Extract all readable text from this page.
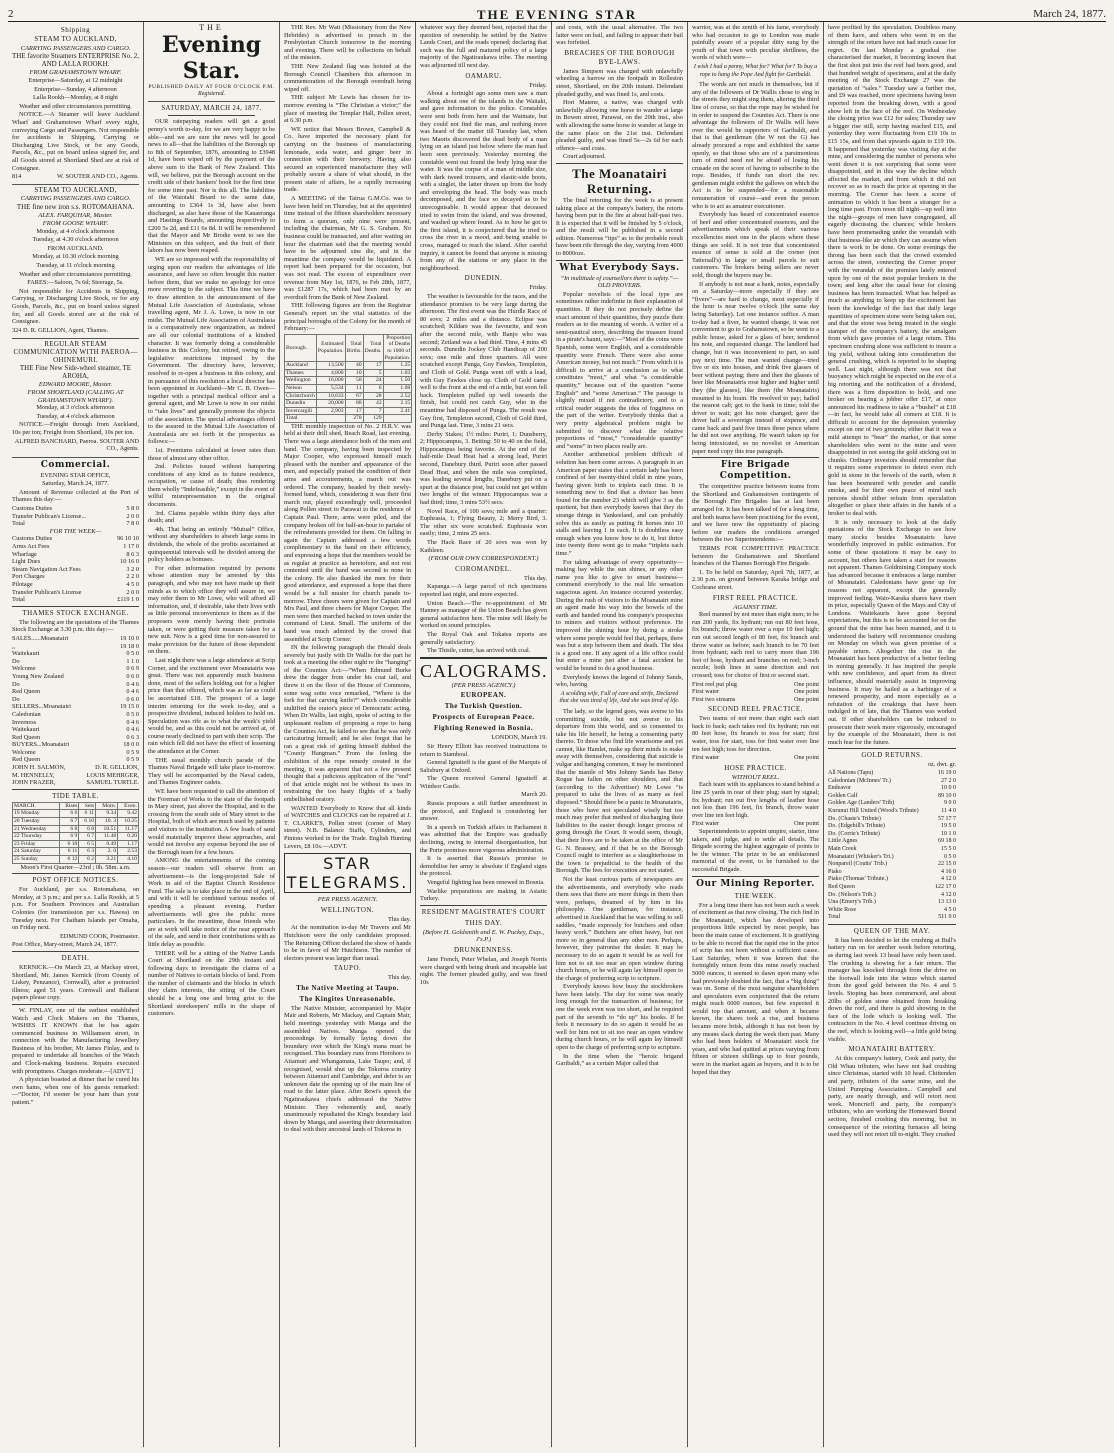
2	THE EVENING STAR	March 24, 1877.
Shipping
STEAM TO AUCKLAND,
CARRYING PASSENGERS AND CARGO.
THE favorite Steamers ENTERPRISE No. 2, AND LALLA ROOKH.
FROM GRAHAMSTOWN WHARF.

Enterprise—Saturday, at 12 midnight

Enterprise—Sunday, 4 afternoon

Lalla Rookh—Monday, at 8 night

Weather and other circumstances permitting.

NOTICE.—A Steamer will leave Auckland Wharf and Grahamstown Wharf every night, conveying Cargo and Passengers. Not responsible for accidents in Shipping, Carrying or Discharging Live Stock, or for any Goods, Parcels, &c., put on board unless signed for, and all Goods stored at Shortland Shed are at risk of Consignee.

814	W. SOUTER AND CO., Agents.
STEAM TO AUCKLAND,
CARRYING PASSENGERS AND CARGO.
THE fine new iron s.s. ROTOMAHANA.
ALEX. FARQUHAR, Master.
FROM GOOSE WHARF.

Monday, at 4 o'clock afternoon

Tuesday, at 4.30 o'clock afternoon

FROM AUCKLAND.

Monday, at 10.30 o'clock morning

Tuesday, at 11 o'clock morning

Weather and other circumstances permitting.

FARES:—Saloon, 7s 6d; Steerage, 5s.

Not responsible for Accidents in Shipping, Carrying, or Discharging Live Stock, or for any Goods, Parcels, &c., put on board unless signed for, and all Goods stored are at the risk of Consignee.

324 D. R. GELLION, Agent, Thames.

REGULAR STEAM COMMUNICATION WITH PAEROA—OHINEMURI.
THE Fine New Side-wheel steamer, TE AROHA,
EDWARD MOORE, Master.
FROM SHORTLAND (CALLING AT GRAHAMSTOWN WHARF).

Monday, at 3 o'clock afternoon

Tuesday, at 4 o'clock afternoon

NOTICE.—Freight through from Auckland, 10s per ton; Freight from Shortland, 10s per ton.

ALFRED BANCHARD, Paeroa. SOUTER AND CO., Agents.

Commercial.

EVENING STAR OFFICE,

Saturday, March 24, 1877.

Amount of Revenue collected at the Port of Thames this day:—

Customs Duties	5 8 0
Transfer Publican's License...	2 0 0
Total	7 8 0
FOR THE WEEK—
Customs Duties	96 10 10
Arms Act Fees	1 17 0
Wharfage	8 6 3
Light Dues	10 16 0
Steam Navigation Act Fees	3 2 0
Port Charges	2 2 0
Pilotage	4 5 0
Transfer Publican's License	2 0 0
Total	£119 1 0
THAMES STOCK EXCHANGE.

The following are the quotations of the Thames Stock Exchange at 3.30 p.m. this day:—

SALES......Moanatairi	19 10 0
,,	19 18 0
Waitekauri	0 5 0
Do	1 1 0
Welcome	0 6 9
Young New Zealand	0 6 0
Do	0 4 6
Red Queen	0 4 6
Do	0 6 0
SELLERS...Moanatairi	19 15 0
Caledonian	0 5 0
Inverness	0 4 6
Waitekauri	0 4 6
Red Queen	0 6 3
BUYERS...Moanatairi	18 0 0
Welcome	0 5 9
Red Queen	0 5 9
JOHN H. SALMON,	D. R. GELLION,
M. HENNELLY,	LOUIS MEHRGER,
JOHN FRAZER,	SAMUEL TURTLE.
TIDE TABLE.
MARCH.	Rises	Sets	Morn.	Even.
19 Monday	6 6	6 11	9.34	9.42
20 Tuesday	6 7	6 10	10. 3	10.25
21 Wednesday	6 8	6 8	10.51	11.17
22 Thursday	6 9	6 7	11.48	0.20
23 Friday	6 10	6 5	0.49	1.17
24 Saturday	6 11	6 3	2. 0	2.53
25 Sunday	6 12	6 2	3.21	4.10

Moon's First Quarter—23rd ; 0h. 58m. a.m.

POST OFFICE NOTICES.

For Auckland, per s.s. Rotomahana, on Monday, at 3 p.m.; and per s.s. Lalla Rookh, at 5 p.m. For Southern Provinces and Australian Colonies (for transmission per s.s. Hawea) on Tuesday next. For Chatham Islands per Omaha, on Friday next.

EDMUND COOK, Postmaster.

Post Office, Mary-street, March 24, 1877.

DEATH.

KERNICK.—On March 23, at Mackay street, Shortland, Mr. James Kernick (from County of Liskey, Penzance), Cornwall), after a protracted illness; aged 51 years. Cornwall and Ballarat papers please copy.

W. FINLAY, one of the earliest established Watch and Clock Makers on the Thames, WISHES IT KNOWN that he has again commenced business in Williamson street, in connection with the Manufacturing Jewellery Business of his brother, Mr James Finlay, and is prepared to undertake all branches of the Watch and Clock-making business. Repairs executed with promptness. Charges moderate.—[ADVT.]

A physician boasted at dinner that he cured his own hams, when one of his guests remarked:—“Doctor, I'd sooner be your ham than your patient.”

THE
Evening Star.
PUBLISHED DAILY AT FOUR O'CLOCK P.M.
Registered.
SATURDAY, MARCH 24, 1877.

OUR ratepaying readers will get a good penny's worth to-day, for we are very happy to be able—and we are sure the news will be good news to all—that the liabilities of the Borough up to 8th of September, 1876, amounting to £3948 1d, have been wiped off by the payment of the above sum to the Bank of New Zealand. This will, we believe, put the Borough account on the credit side of their bankers' book for the first time for some time past. Nor is this all. The liabilities of the Waiotahi Board to the same date, amounting to £364 1s 3d, have also been discharged, as also have those of the Kauaeranga and Hastings Boards, amounting respectively to £200 5s 2d, and £11 6s 8d. It will be remembered that the Mayor and Mr Brodie went to see the Ministers on this subject, and the fruit of their labors has now been reaped.

WE are so impressed with the responsibility of urging upon our readers the advantages of life assurance, and have so often brought this matter before them, that we make no apology for once more reverting to the subject. This time we have to draw attention to the announcement of the Mutual Life Association of Australasia, whose travelling agent, Mr J. A. Lowe, is now in our midst. The Mutual Life Association of Australasia is a comparatively new organization, as indeed are all our colonial institutions of a kindred character. It was formerly doing a considerable business in this Colony, but retired, owing to the legislative restrictions imposed by the Government. The directory have, however, resolved to re-open a business in this colony, and in pursuance of this resolution a local director has been appointed in Auckland—Mr C. B. Owen—together with a principal medical officer and a general agent, and Mr Lowe is now in our midst to “take lives” and generally promote the objects of the association. The special advantages offered to the assured in the Mutual Life Association of Australasia are set forth in the prospectus as follows:—

1st. Premiums calculated at lower rates than those of almost any other office.

2nd. Policies issued without hampering conditions of any kind as to future residence, occupation, or cause of death; thus rendering them wholly “Indefeasible,” except in the event of wilful misrepresentation in the original documents.

3rd. Claims payable within thirty days after death; and

4th. That being an entirely “Mutual” Office, without any shareholders to absorb large sums in dividends, the whole of the profits ascertained at quinquennial intervals will be divided among the policy holders as bonuses.

For other information required by persons whose attention may be arrested by this paragraph, and who may not have made up their minds as to which office they will assure in, we may refer them to Mr Lowe, who will afford all information, and, if desirable, take their lives with as little personal inconvenience to them as if the proposers were merely having their portraits taken, or were getting their measure taken for a new suit. Now is a good time for non-assured to make provision for the future of those dependent on them.

Last night there was a large attendance at Scrip Corner, and the excitement over Moanatairis was great. There was not apparently much business done, most of the sellers holding out for a higher price than that offered, which was as far as could be ascertained £18. The prospect of a large interim returning for the week to-day, and a prospective dividend, induced holders to hold on. Speculation was rife as to what the week's yield would be, and as this could not be arrived at, of course nearly declined to part with their scrip. The rain which fell did not have the effect of lessening the attendance at the Corner.

THE usual monthly church parade of the Thames Naval Brigade will take place to-morrow. They will be accompanied by the Naval cadets, and Thames Engineer cadets.

WE have been requested to call the attention of the Foreman of Works to the state of the footpath in Mary street, just above the Hospital, and to the crossing from the south side of Mary street to the Hospital, both of which are much used by patients and visitors to the institution. A few loads of sand would materially improve these approaches, and would not involve any expense beyond the use of the Borough team for a few hours.

AMONG the entertainments of the coming season—our readers will observe from an advertisement—is the long-projected Sale of Work in aid of the Baptist Church Residence Fund. The sale is to take place in the end of April, and with it will be combined various modes of spending a pleasant evening. Further advertisements will give the public more particulars. In the meantime, those friends who are at work will take notice of the near approach of the sale, and send in their contributions with as little delay as possible.

THERE will be a sitting of the Native Lands Court at Shortland on the 29th instant and following days to investigate the claims of a number of Natives to certain blocks of land. From the number of claimants and the blocks in which they claim interests, the sitting of the Court should be a long one and bring grist to the Shortland storekeepers' mills in the shape of customers.

THE Rev. Mr Watt (Missionary from the New Hebrides) is advertised to preach in the Presbyterian Church tomorrow in the morning and evening. There will be collections on behalf of the mission.

THE New Zealand flag was hoisted at the Borough Council Chambers this afternoon in commemoration of the Borough overdraft being wiped off.

THE subject Mr Lewis has chosen for to-morrow evening is “The Christian a victor;” the place of meeting the Templar Hall, Pollen street, at 6.30 p.m.

WE notice that Messrs Brown, Campbell & Co. have imported the necessary plant for carrying on the business of manufacturing lemonade, soda water, and ginger beer in connection with their brewery. Having also secured an experienced manufacturer they will probably secure a share of what should, in the present state of affairs, be a rapidly increasing trade.

A MEETING of the Tairua G.M.Co. was to have been held on Thursday, but at the appointed time instead of the fifteen shareholders necessary to form a quorum, only nine were present, including the chairman, Mr G. S. Graham. No business could be transacted, and after waiting an hour the chairman said that the meeting would have to be adjourned sine die, and in the meantime the company would be liquidated. A report had been prepared for the occasion, but was not read. The excess of expenditure over revenue from May 1st, 1876, to Feb 28th, 1877, was £1287 17s, which had been met by an overdraft from the Bank of New Zealand.

THE following figures are from the Registrar General's report on the vital statistics of the principal boroughs of the Colony for the month of February:—

Borough.	Estimated Population.	Total Births.	Total Deaths.	Proportion of Deaths to 1000 of Population.
Auckland	13,500	40	17	1.25
Thames	4,800	10	5	1.03
Wellington	16,000	58	24	1.50
Nelson	5,534	11	6	1.08
Christchurch	10,633	67	28	2.52
Dunedin	20,000	88	43	2.15
Invercargill	2,903	17	7	2.41
Total		278	129	

THE monthly inspection of No. 2 H.R.V. was held at their drill shed, Beach Road, last evening. There was a large attendance both of the men and band. The company, having been inspected by Major Cooper, who expressed himself much pleased with the number and appearance of the men, and especially praised the condition of their arms and accoutrements, a march out was ordered. The company, headed by their newly-formed band, which, considering it was their first march out, played exceedingly well, proceeded along Pollen street to Parawai to the residence of Captain Paul. There, arms were piled, and the company broken off for half-an-hour to partake of the refreshments provided for them. On falling in again the Captain addressed a few words complimentary to the band on their efficiency, and expressing a hope that the members would be as regular at practice as heretofore, and not rest contented until the band was second to none in the colony. He also thanked the men for their good attendance, and expressed a hope that there would be a full muster for church parade to-morrow. Three cheers were given for Captain and Mrs Paul, and three cheers for Major Cooper. The men were then marched backed to town under the command of Lieut. Small. The uniform of the band was much admired by the crowd that assembled at Scrip Corner.

IN the following paragraph the Herald deals severely but justly with Dr Wallis for the part he took at a meeting the other night re the “hanging” of the Counties Act:—“When Edmund Burke drew the dagger from under his coat tail, and threw it on the floor of the House of Commons, some wag sotto voce remarked, “Where is the fork for that carving knife?” which considerable stultified the orator's piece of Democratic acting. When Dr Wallis, last night, spoke of acting to the unpleasant realism of proposing a rope to hang the Counties Act, he failed to see that he was only caricaturing himself; and he also forgot that he ran a great risk of getting himself dubbed the “County Hangman.” From the feeling the exhibition of the rope remedy created in the meeting, it was apparent that not a few present thought that a judicious application of the “end” of that article might not be without its uses in restraining the too hasty flights of a badly embellished oratory.

WANTED Everybody to Know that all kinds of WATCHES and CLOCKS can be repaired at J. T. CLARKE'S, Pollen street (corner of Mary street). N.B. Balance Staffs, Cylinders, and Pinions worked in for the Trade. English Hunting Levers, £8 10s.—ADVT.

STAR TELEGRAMS.
PER PRESS AGENCY.
WELLINGTON.

This day.

At the nomination to-day Mr Travers and Mr Hutchison were the only candidates proposed. The Returning Officer declared the show of hands to be in favor of Mr Hutchison. The number of electors present was larger than usual.

TAUPO.

This day.

The Native Meeting at Taupo.
The Kingites Unreasonable.

The Native Minister, accompanied by Major Mair and Roberts, Mr Mackay, and Captain Mair, held meetings yesterday with Manga and the assembled Natives. Manga opened the proceedings by formally laying down the boundary over which the King's mana must be recognised. This boundary runs from Horohoro to Atiamuri and Whangamata, Lake Taupo; and, if recognised, would shut up the Tokoroa country between Atiamuri and Cambridge, and defer to an unknown date the opening up of the main line of road to the latter place. After Rewi's speech the Ngatiraukawa chiefs addressed the Native Minister. They vehemently and, nearly unanimously repudiated the King's boundary laid down by Manga, and asserting their determination to deal with their ancestral lands of Tokoroa in

whatever way they deemed best, rejected that the question of ownership be settled by the Native Lands Court, and the roads opened; declaring that such was the full and matured policy of a large majority of the Ngatiraukawa tribe. The meeting was adjourned till next day.

OAMARU.

Friday.

About a fortnight ago some men saw a man walking about one of the islands in the Waitaki, and gave information to the police. Constables were sent both from here and the Waimate, but they could not find the man, and nothing more was heard of the matter till Tuesday last, when two Maoris discovered the dead body of a man lying on an island just below where the man had been seen previously. Yesterday morning the constable went out found the body lying near the water. It was the corpse of a man of middle size, with dark tweed trousers, and elastic-side boots, with a singlet, the latter drawn up from the body and enveloping the head. The body was much decomposed, and the face so decayed as to be unrecognisable. It would appear that deceased tried to swim from the island, and was drowned, and washed up where found. As to how he got to the first island, it is conjectured that he tried to cross the river in a mood, and being unable to cross, managed to reach the island. After careful inquiry, it cannot be found that anyone is missing from any of the stations or any place in the neighbourhood.

DUNEDIN.

Friday.

The weather is favourable for the races, and the attendance promises to be very large during the afternoon. The first event was the Hurdle Race of 80 sovs; 2 miles and a distance. Eclipse was scratched; Kildare was the favourite, and won after the second mile, with Banjo who was second; Zetland was a bad third. Time, 4 mins 45 seconds. Dunedin Jockey Club Handicap of 200 sovs; one mile and three quarters. All were scratched except Punga, Guy Fawkes, Templeton, and Cloth of Gold. Punga went off with a lead, with Guy Fawkes close up. Cloth of Gold came well to the front at the end of a mile, but soon fell back. Templeton pulled up well towards the finish, but could not catch Guy, who in the meantime had disposed of Punga. The result was Guy first, Templeton second, Cloth of Gold third, and Punga last. Time, 3 mins 21 secs.

Derby Stakes; 1½ miles: Puriri, 1; Dunsberry, 2; Hippocampus, 3. Betting: 50 to 40 on the field, Hippocampus being favorite. At the end of the half-mile Dead Heat had a strong lead, Puriri second, Danebury third. Puriri soon after passed Dead Heat, and when the mile was completed, was leading several lengths, Danebury put on a spurt at the distance post, but could not get within two lengths of the winner. Hippocampus was a bad third; time, 3 mins 53½ secs.

Novel Race, of 100 sovs; mile and a quarter: Euphrasia, 1; Flying Beauty, 2; Merry Bird, 3. The other six were scratched. Euphrasia won easily; time, 2 mins 25 secs.

The Hack Race of 20 sovs was won by Kathleen.

(FROM OUR OWN CORRESPONDENT.)
COROMANDEL.

This day.

Kapanga.—A large parcel of rich specimens reported last night, and more expected.

Union Beach.—The re-appointment of Mr Hanney as manager of the Union Beach has given general satisfaction here. The mine will likely be worked on sound principles.

The Royal Oak and Tokatea reports are generally satisfactory.

The Thistle, cutter, has arrived with coal.

CALOGRAMS.
(PER PRESS AGENCY.)
EUROPEAN.
The Turkish Question.
Prospects of European Peace.
Fighting Renewed in Bosnia.

LONDON, March 19.

Sir Henry Elliott has received instructions to return to Stamboul.

General Ignatieff is the guest of the Marquis of Salisbury at Oxford.

The Queen received General Ignatieff at Windsor Castle.

March 20.

Russia proposes a still further amendment in the protocol, and England is considering her answer.

In a speech on Turkish affairs in Parliament it was admitted that the Empire was gradually declining, owing to internal disorganisation, but the Porte promises more vigorous administration.

It is asserted that Russia's promise to demobilise her army is absolute if England signs the protocol.

Vengeful fighting has been renewed in Bosnia.

Warlike preparations are making in Asiatic Turkey.

RESIDENT MAGISTRATE'S COURT
THIS DAY.
(Before H. Goldsmith and E. W. Puckey, Esqs., J's.P.)
DRUNKENNESS.

Jane French, Peter Whelan, and Joseph Norris were charged with being drunk and incapable last night. The former pleaded guilty, and was fined 10s

and costs, with the usual alternative. The two latter were on bail, and failing to appear their bail was forfeited.

BREACHES OF THE BOROUGH BYE-LAWS.

James Simpson was charged with unlawfully wheeling a barrow on the footpath in Rolleston street, Shortland, on the 20th instant. Defendant pleaded guilty, and was fined 1s, and costs.

Hori Matene, a native, was charged with unlawfully allowing one horse to wander at large in Bowen street, Parawai, on the 20th inst., also with allowing the same horse to wander at large in the same place on the 21st inst. Defendant pleaded guilty, and was fined 5s—2s 6d for each offence—and costs.

Court adjourned.

The Moanatairi Returning.

The final retorting for the week is at present taking place at the company's battery, the retorts having been put in the fire at about half-past two. It is expected that it will be finished by 5 o'clock, and the result will be published in a second edition. Numerous “tips” as to the probable result have been rife through the day, varying from 4000 to 8000ozs.

What Everybody Says.

“In multitude of counsellors there is safety.”—OLD PROVERB.

Popular novelists of the local type are sometimes rather indefinite in their explanation of quantities. If they do not precisely define the exact amount of their quantities, they puzzle their readers as to the meaning of words. A writer of a semi-nautical story, describing the treasure found in a pirate's haunt, says:—“Most of the coins were Spanish, some were English, and a considerable quantity were French. There were also some American money, but not much.” From which it is difficult to arrive at a conclusion as to what constitutes “most,” and what “a considerable quantity,” because out of the question “some English” and “some American.” The passage is slightly mixed if not contradictory, and to a critical reader suggests the idea of fogginess on the part of the writer. Everybody thinks that a very pretty algebraical problem might be submitted to discover what the relative proportions of “most,” “considerable quantity” and “some” in two places really are.

Another arithmetical problem difficult of solution has been come across. A paragraph in an American paper states that a certain lady has been confined of her twenty-third child in nine years, having given birth to triplets each time. It is something new to find that a divisor has been found for the number 23 which will give 3 as the quotient, but then everybody knows that they do strange things in Yankeeland, and can probably solve this as easily as putting fit horses into 10 stalls and leaving 1 in each. It is doubtless easy enough when you know how to do it, but thrice into twenty three wont go to make “triplets each time.”

For taking advantage of every opportunity—making hay while the sun shines, or any other name you like to give to smart business—commend everybody to the real life sensation sagacious agent. An instance occurred yesterday. During the rush of visitors to the Moanatairi mine an agent made his way into the bowels of the earth and handed round his company's prospectus to miners and visitors without preference. He improved the shining hour by doing a stroke where some people would feel that, perhaps, there was but a step between them and death. The idea is a good one. If any agent of a life office could but enter a mine just after a fatal accident he would be bound to do a good business.

Everybody knows the legend of Johnny Sands, who, having

A scolding wife, Full of care and strife, Declared that she was tired of life, And she was tired of life.

The lady, so the legend goes, was averse to his committing suicide, but not averse to his departure from this world, and so consented to take his life herself, he being a consenting party thereto. To those who find life wearisome and yet cannot, like Hamlet, make up their minds to make away with themselves, considering that suicide is vulgar and hanging common, it may be mentioned that the mantle of Mrs Johnny Sands has Betsy Rogue has fallen on other shoulders, and that (according to the Advertiser) Mr Lowe “is prepared to take the lives of as many as feel disposed.” Should there be a panic in Moanatairis, those who have not speculated wisely but too much may prefer that method of discharging their liabilities to the easier though longer process of going through the Court. It would seem, though, that their lives are to be taken at the office of Mr G. N. Brassey, and if that be so the Borough Council ought to interfere as a slaughterhouse in the town is prejudicial to the health of the Borough. The fees for execution are not stated.

Not the least curious parts of newspapers are the advertisements, and everybody who reads them sees that there are more things in them than were, perhaps, dreamed of by him in his philosophy. One gentleman, for instance, advertised in Auckland that he was willing to sell saddles, “made expressly for butchers and other heavy work.” Butchers are often heavy, but not more so in general than any other men. Perhaps, however, they patronise the dealer. It may be necessary to do so again it would be as well for him not to sit too near an open window during church hours, or he will again lay himself open to the charge of preferring scrip to scripture.

Everybody knows how busy the stockbrokers have been lately. The day for some was nearly long enough for the transaction of business; for one the week even was too short, and he required part of the seventh to “do up” his books. If he feels it necessary to do so again it would be as well for him not to sit too near an open window during church hours, or he will again lay himself open to the charge of preferring scrip to scripture.

In the time when the “heroic brigand Garibaldi,” as a certain Major called that

warrior, was at the zenith of his fame, everybody who had occasion to go to London was made painfully aware of a popular ditty sung by the youth of that town with peculiar shrillness, the words of which were—

I wish I had a penny, What for? What for? To buy a rope to hang the Pope And fight for Garibaldi.

The words are not much in themselves, but if any of the followers of Dr Wallis chose to sing in the streets they might sing them, altering the third line of course, so that the rope may be wished for in order to suspend the Counties Act. There is one advantage the followers of Dr Wallis will have over the would be supporters of Garibaldi, and that is that gentleman (the W not the G) has already procured a rope and exhibited the same openly, so that those who are of a parsimonious turn of mind need not be afraid of losing his crusade on the score of having to subscribe to the rope. Besides, if funds ran short the rev. gentleman might exhibit the gallows on which the Act is to be suspended—for a reasonable remuneration of course—and even the person who is to act as amateur executioner.

Everybody has heard of concentrated essence of beef and other concentrated essences, and the advertisements which speak of their various excellencies meet one in the places where these things are sold. It is not true that concentrated essence of sense is sold at the corner (not Tattersall's) in large or small parcels to suit customers. The brokers being sellers are never sold, though the buyers may be.

If anybody is not near a bank, notes, especially on a Saturday—more especially if they are “fivers”—are hard to change, most especially if the hour is near twelve o'clock (the same day being Saturday). Let one instance suffice. A man to-day had a fiver, he wanted change, it was not convenient to go to Grahamstown, so he went to a public house, asked for a glass of beer, tendered his note, and requested change. The landlord had change, but it was inconvenient to part, so said pay next time. The man wanted change—tried five or six into houses, and drink five glasses of beer without paying; there and then the glasses of beer like Moanatairis rose higher and higher until they (the glasses), like them (the Moanatairis) mounted to his brain. He resolved to pay; hailed the nearest cab; got to the bank in time; told the driver to wait; got his note changed; gave the driver half a sovereign instead of sixpence, and came back and paid five times three pence where he did not owe anything. He wasn't taken up for being intoxicated, so no novelist or American paper need copy this true paragraph.

Fire Brigade Competition.

The competitive practice between teams from the Shortland and Grahamstown contingents of the Borough Fire Brigades has at last been arranged for. It has been talked of for a long time, and both teams have been practising for the event, and we have now the opportunity of placing before our readers the conditions arranged between the two Superintendents:—

TERMS FOR COMPETITIVE PRACTICE between the Grahamstown and Shortland branches of the Thames Borough Fire Brigade.

1. To be held on Saturday, April 7th, 1877, at 2.30 p.m. on ground between Karaka bridge and Cochrane street.

FIRST REEL PRACTICE.
AGAINST TIME.

Reel manned by not more than eight men; to be run 200 yards, fix hydrant; run out 80 feet hose, fix branch; throw water over a rope 10 feet high; run out second length of 80 feet, fix branch and throw water as before; each branch to be 70 feet from hydrant; each reel to carry more than 196 feet of hose, hydrant and branches on reel; 3-inch nozzle; both lines in same direction and not crossed; toss for choice of first or second start.

First reel put plug	One point
First water	One point
First two streams	One point
SECOND REEL PRACTICE.

Two teams of not more than eight each start back to back; each takes reel fix hydrant; run out 80 feet hose, fix branch to toss for start; first water, toss for start, toss for first water over line ten feet high; toss for direction.

First water	One point
HOSE PRACTICE.
WITHOUT REEL.

Each team with its appliances to stand behind a line 25 yards in rear of their plug; start by signal; fix hydrant; run out five lengths of leather hose not less than 196 feet, fix branch, throw water over line ten feet high.

First water	One point

Superintendents to appoint umpire, starter, time takers, and judge, and to settle all details. The Brigade scoring the highest aggregate of points to be the winner. The prize to be an emblazoned memorial of the event, to be furnished to the successful Brigade.

Our Mining Reporter.
THE WEEK.

For a long time there has not been such a week of excitement as that now closing. The rich find in the Moanatairi, which has developed into proportions little expected by most people, has been the main cause of excitement. It is gratifying to be able to record that the rapid rise in the price of scrip has not been without a sufficient cause. Last Saturday, when it was known that the fortnightly return from this mine nearly reached 5000 ounces, it seemed to dawn upon many who had previously doubted the fact, that a “big thing” was on. Some of the most sanguine shareholders and speculators even conjectured that the return might reach 6000 ounces, but few expected it would top that amount, and when it became known, the shares took a rise, and business became more brisk, although it has not been by any means slack during the week then past. Many who had been holders of Moanatairi stock for years, and who had quitted at prices varying from fifteen or sixteen shillings up to four pounds, were in the market again as buyers, and it is to be hoped that they

have profited by the speculation. Doubtless many of them have, and others who went in on the strength of the return have not had much cause for regret. On last Monday a gradual rise characterised the market, it becoming known that the first shot put into the reef had been good, and that hundred weight of specimens, and at the daily meeting of the Stock Exchange 27 was the quotation of “sales.” Tuesday saw a further rise, and £9 was reached, more specimens having been reported from the breaking down, with a good show left in the face of the reef. On Wednesday the closing price was £12 for sales; Thursday saw a bigger rise still, scrip having reached £15, and yesterday they were fluctuating from £19 10s to £15 15s, and from that upwards again to £19 10s. It happened that yesterday was visiting day at the mine, and considering the number of persons who went down it is not surprising that some were disappointed, and in this way the decline which affected the market, and from which it did not recover so as to reach the price at opening in the morning. The Corner has been a scene of animation to which it has been a stranger for a long time past. From noon till night—up well into the night—groups of men have congregated, all eagerly discussing the chances; while brokers have been promenading under the verandah with that business-like air which they can assume when there is work to be done. On some evenings the throng has been such that the crowd extended across the street, connecting the Corner proper with the verandah of the premises lately entered upon by one of the most popular brokers in the town; and long after the usual hour for closing business has been transacted. What has helped as much as anything to keep up the excitement has been the knowledge of the fact that daily large quantities of specimen stone were being taken out, and that the stone was being treated in the single stamper of the company's battery, the amalgam from which gave promise of a large return. This specimen crushing alone was sufficient to insure a big yield, without taking into consideration the general crushing, which is reported to be shaping well. Last night, although there was not that buoyancy which might be expected on the eve of a big retorting and the notification of a dividend, there was a firm disposition to hold, and one broker on hearing a jobber offer £17, at once announced his readiness to take a “bushel” at £18—in fact, he would take all comers at £18. It is difficult to account for the depression yesterday except on one of two grounds; either that it was a mild attempt to “bear” the market, or that some shareholders who went to the mine and were disappointed in not seeing the gold sticking out in chunks. Ordinary investors should remember that it requires some experience to detect even rich gold in stone in the bowels of the earth, when it has been besmeared with powder and candle smoke, and for their own peace of mind such persons should either refrain from speculation altogether or place their affairs in the hands of a broker to deal with.

It is only necessary to look at the daily quotations of the Stock Exchange to see how many stocks besides Moanatairis have wonderfully improved in public estimation. For some of these quotations it may be easy to account, but others have taken a start for reasons not apparent. Thames Goldmining Company stock has advanced because it embraces a large number of Moanatairi. Caledonians have gone up for reasons not apparent, except the generally improved feeling. Waio-Karaka shares have risen in price, especially Queen of the Mays and City of Londons. Waitekauris have gone beyond expectations, but this is to be accounted for on the ground that the mine has been manned, and it is understood the battery will recommence crushing on Monday on which was given promise of a payable return. Altogether the rise in the Moanatairi has been productive of a better feeling in mining generally. It has inspired the people with new confidence, and apart from its direct influence, should materially assist in improving business. It may be hailed as a harbinger of a renewed prosperity, and more especially as a refutation of the croakings that have been indulged in of late, that the Thames was worked out. If other shareholders can be induced to prosecute their work more vigorously, encouraged by the example of the Moanatairi, there is not much fear for the future.

GOLD RETURNS.

oz. dwt. gr.

All Nations (Tapu)	16 19 0
Caledonian (McInnes' Tr.)	27 2 0
Endeavor	10 0 0
Golden Calf	89 10 0
Golden Age (Landers' Trib)	9 0 0
Kurunui Hill United (Wood's Tribute)	11 4 0
Do. (Chaste's Tribute)	57 17 7
Do. (Edgehill's Tribute)	19 5 0
Do. (Corrie's Tribute)	10 1 0
Little Agnes	69 18 0
Main Creek	15 5 0
Moanatairi (Whisker's Tri.)	0 5 0
Nonpareil (Coutts' Trib.)	22 15 0
Piako	4 16 0
Piako (Thomas' Tribute.)	4 12 0
Red Queen	122 17 0
Do. (Nelson's Trib.)	4 12 0
Una (Emery's Trib.)	13 13 0
White Rose	4 5 0
Total	511 9 0
QUEEN OF THE MAY.

It has been decided to let the crushing at Bull's battery run on for another week before retorting, as during last week 13 head have only been used. The crushing is showing for a fair return. The manager has knocked through from the drive on the footwall lode into the winze which started from the good gold between the No. 4 and 5 levels. Stoping has been commenced, and about 20lbs of golden stone obtained from breaking down the reef, and there is gold showing in the face of the lode which is looking well. The contractors in the No. 4 level continue driving on the reef, which is looking well—a little gold being visible.

MOANATAIRI BATTERY.

At this company's battery, Cook and party, the Old Whau tributers, who have not had crushing since Christmas, started with 10 head. Chittenden and party, tributers of the same mine, and the United Pumping Association... Campbell and party, are nearly through, and will retort next week. Moncrieff and party, the company's tributors, who are working the Homeward Bound section, finished crushing this morning, but in consequence of the retorting furnaces all being used they will not retort till to-night. They crushed
